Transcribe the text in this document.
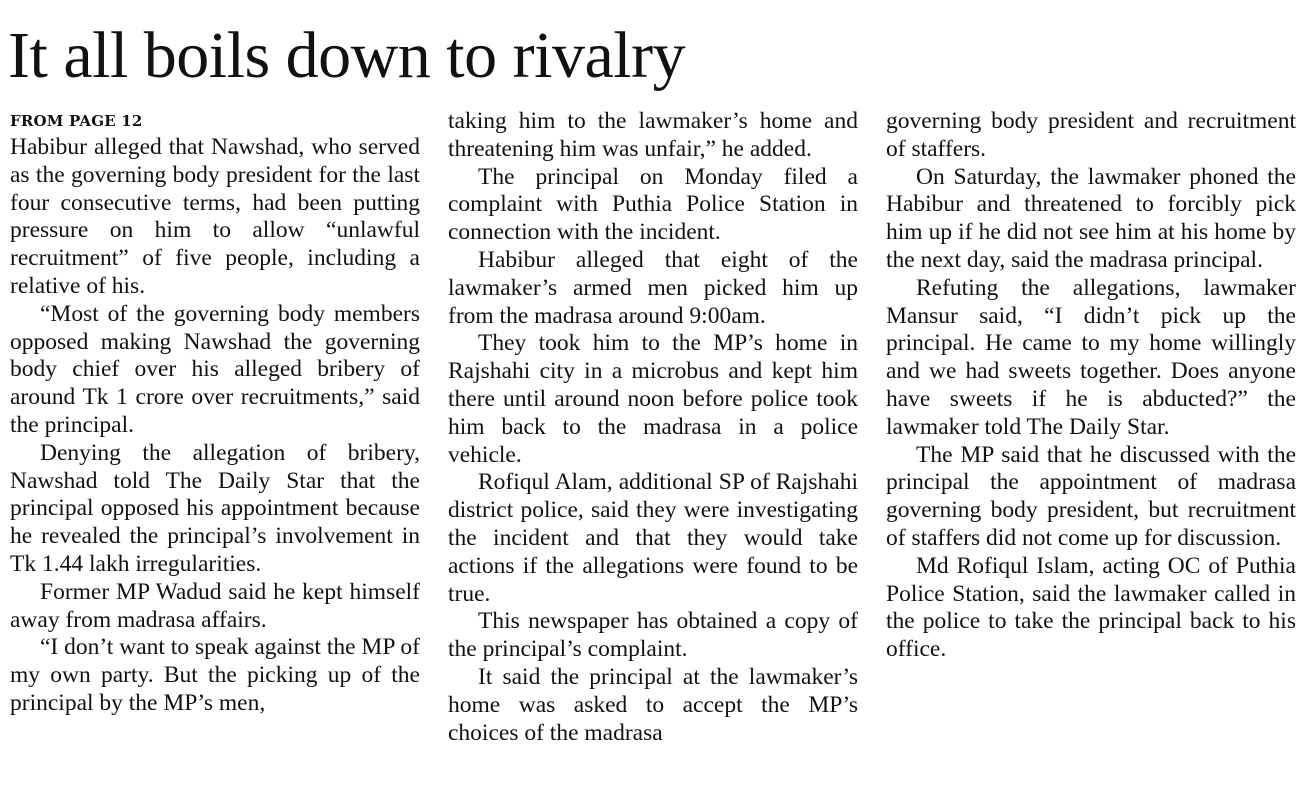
It all boils down to rivalry
FROM PAGE 12

Habibur alleged that Nawshad, who served as the governing body president for the last four consecutive terms, had been putting pressure on him to allow “unlawful recruitment” of five people, including a relative of his.

“Most of the governing body members opposed making Nawshad the governing body chief over his alleged bribery of around Tk 1 crore over recruitments,” said the principal.

Denying the allegation of bribery, Nawshad told The Daily Star that the principal opposed his appointment because he revealed the principal’s involvement in Tk 1.44 lakh irregularities.

Former MP Wadud said he kept himself away from madrasa affairs.

“I don’t want to speak against the MP of my own party. But the picking up of the principal by the MP’s men,

taking him to the lawmaker’s home and threatening him was unfair,” he added.

The principal on Monday filed a complaint with Puthia Police Station in connection with the incident.

Habibur alleged that eight of the lawmaker’s armed men picked him up from the madrasa around 9:00am.

They took him to the MP’s home in Rajshahi city in a microbus and kept him there until around noon before police took him back to the madrasa in a police vehicle.

Rofiqul Alam, additional SP of Rajshahi district police, said they were investigating the incident and that they would take actions if the allegations were found to be true.

This newspaper has obtained a copy of the principal’s complaint.

It said the principal at the lawmaker’s home was asked to accept the MP’s choices of the madrasa

governing body president and recruitment of staffers.

On Saturday, the lawmaker phoned the Habibur and threatened to forcibly pick him up if he did not see him at his home by the next day, said the madrasa principal.

Refuting the allegations, lawmaker Mansur said, “I didn’t pick up the principal. He came to my home willingly and we had sweets together. Does anyone have sweets if he is abducted?” the lawmaker told The Daily Star.

The MP said that he discussed with the principal the appointment of madrasa governing body president, but recruitment of staffers did not come up for discussion.

Md Rofiqul Islam, acting OC of Puthia Police Station, said the lawmaker called in the police to take the principal back to his office.
